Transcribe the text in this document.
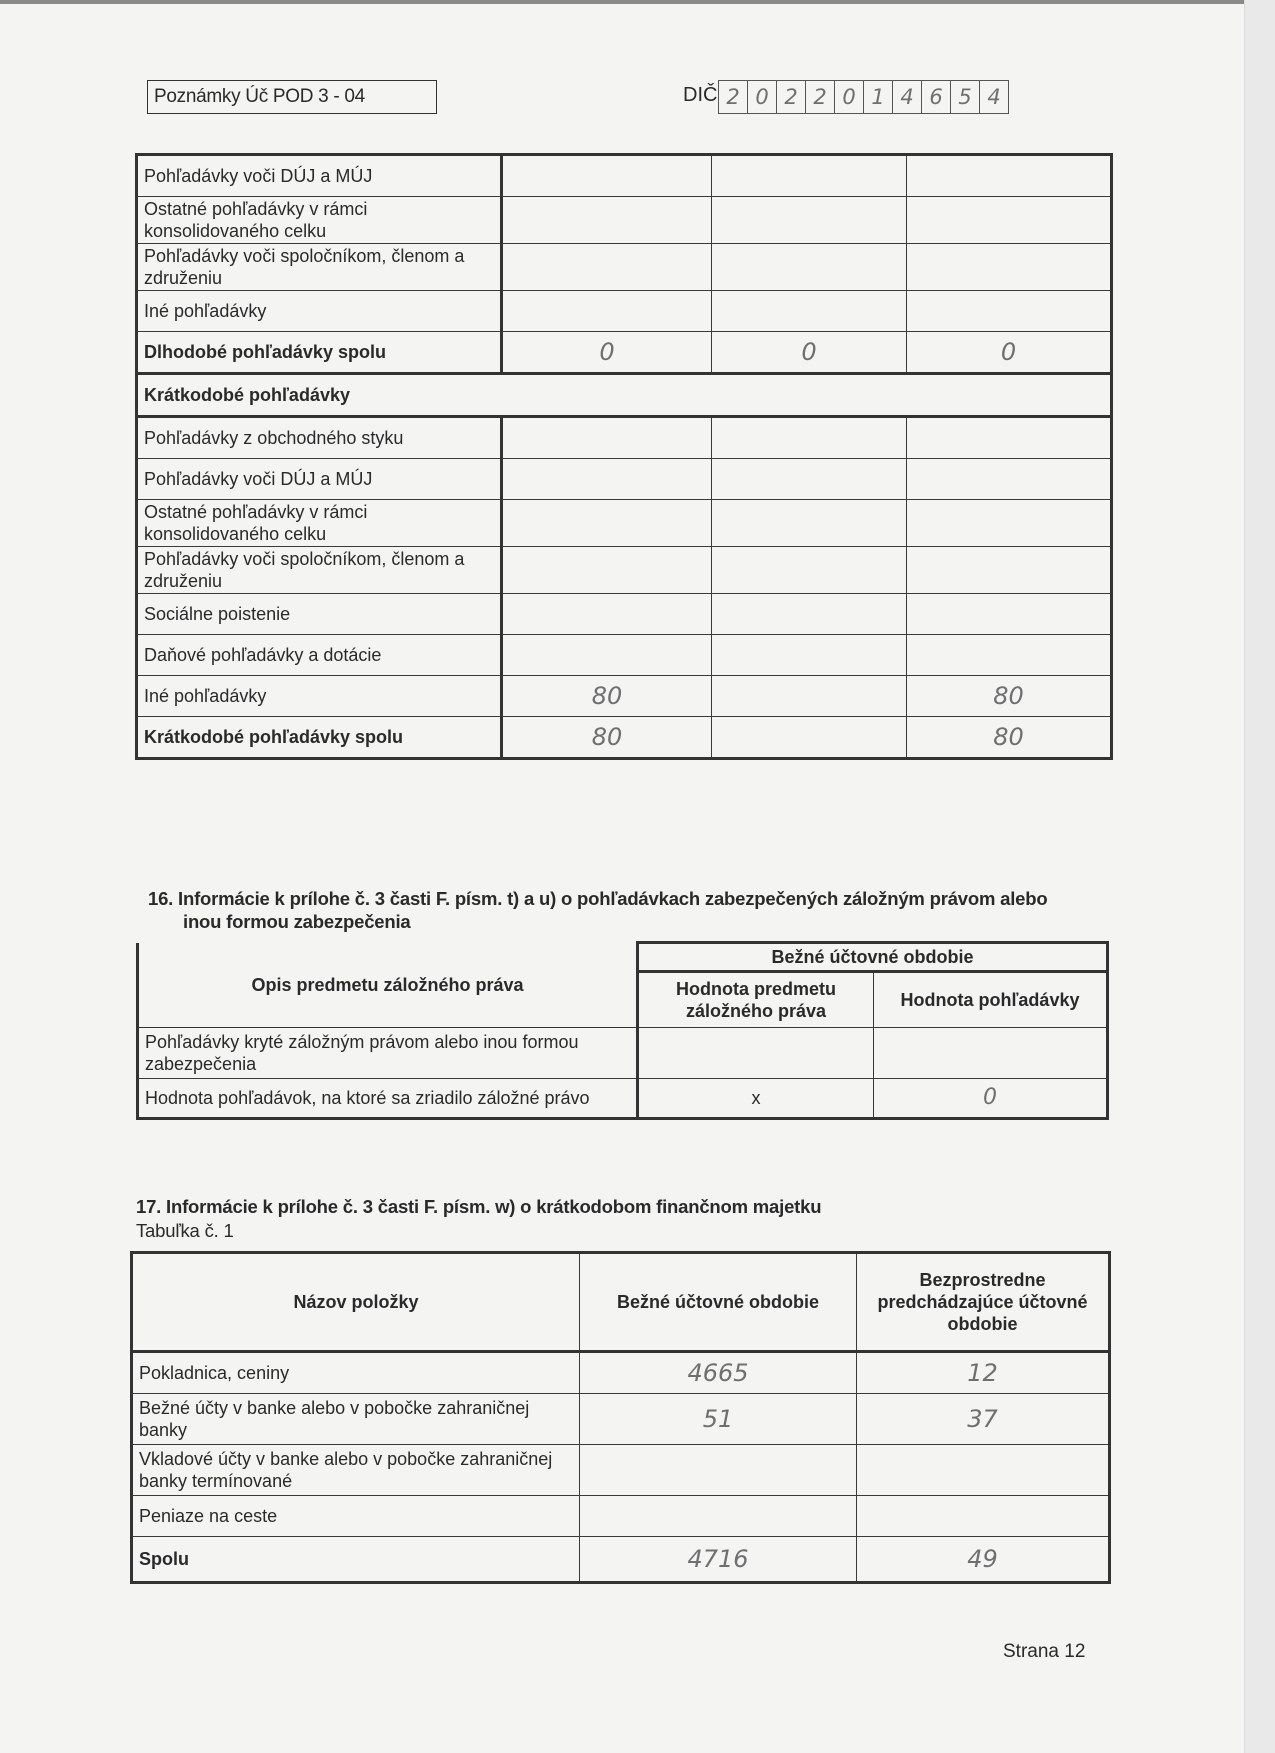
Poznámky Úč POD 3 - 04	DIČ 2 0 2 2 0 1 4 6 5 4
Pohľadávky voči DÚJ a MÚJ			
Ostatné pohľadávky v rámci konsolidovaného celku			
Pohľadávky voči spoločníkom, členom a združeniu			
Iné pohľadávky			
Dlhodobé pohľadávky spolu	0	0	0
Krátkodobé pohľadávky			
Pohľadávky z obchodného styku			
Pohľadávky voči DÚJ a MÚJ			
Ostatné pohľadávky v rámci konsolidovaného celku			
Pohľadávky voči spoločníkom, členom a združeniu			
Sociálne poistenie			
Daňové pohľadávky a dotácie			
Iné pohľadávky	80		80
Krátkodobé pohľadávky spolu	80		80
16. Informácie k prílohe č. 3 časti F. písm. t) a u) o pohľadávkach zabezpečených záložným právom alebo
inou formou zabezpečenia
Opis predmetu záložného práva	Bežné účtovné obdobie	
	Hodnota predmetu záložného práva	Hodnota pohľadávky
Pohľadávky kryté záložným právom alebo inou formou zabezpečenia		
Hodnota pohľadávok, na ktoré sa zriadilo záložné právo	x	0
17. Informácie k prílohe č. 3 časti F. písm. w) o krátkodobom finančnom majetku
Tabuľka č. 1
Názov položky	Bežné účtovné obdobie	Bezprostredne predchádzajúce účtovné obdobie
Pokladnica, ceniny	4665	12
Bežné účty v banke alebo v pobočke zahraničnej banky	51	37
Vkladové účty v banke alebo v pobočke zahraničnej banky termínované		
Peniaze na ceste		
Spolu	4716	49
Strana 12
